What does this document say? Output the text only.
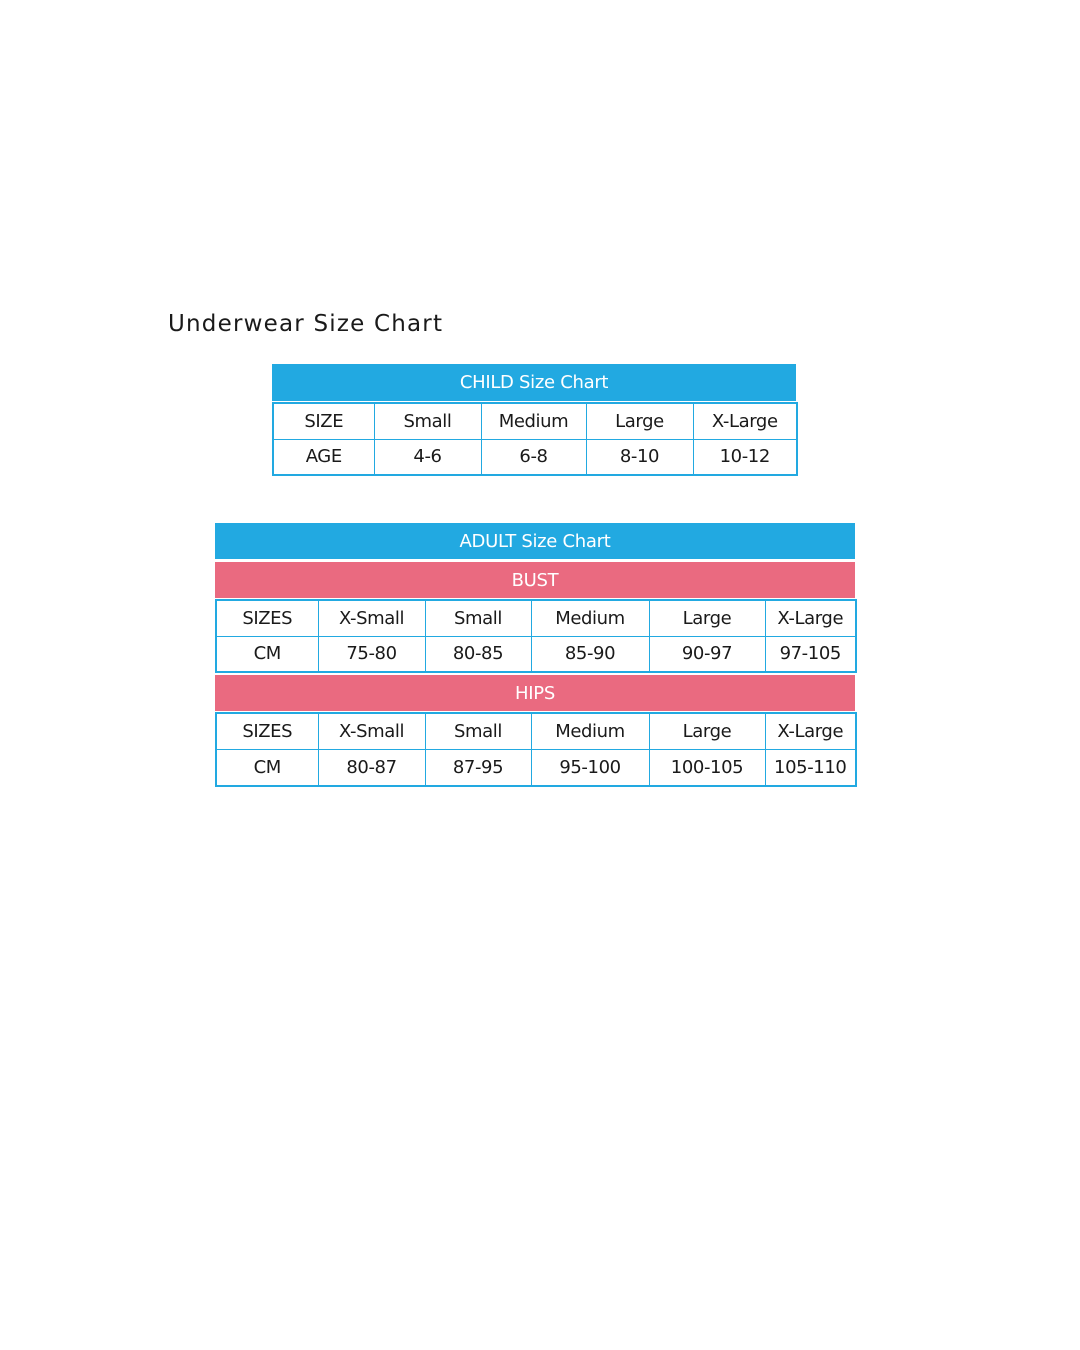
Underwear Size Chart
CHILD Size Chart
SIZE	Small	Medium	Large	X-Large
AGE	4-6	6-8	8-10	10-12
ADULT Size Chart
BUST
SIZES	X-Small	Small	Medium	Large	X-Large
CM	75-80	80-85	85-90	90-97	97-105
HIPS
SIZES	X-Small	Small	Medium	Large	X-Large
CM	80-87	87-95	95-100	100-105	105-110
